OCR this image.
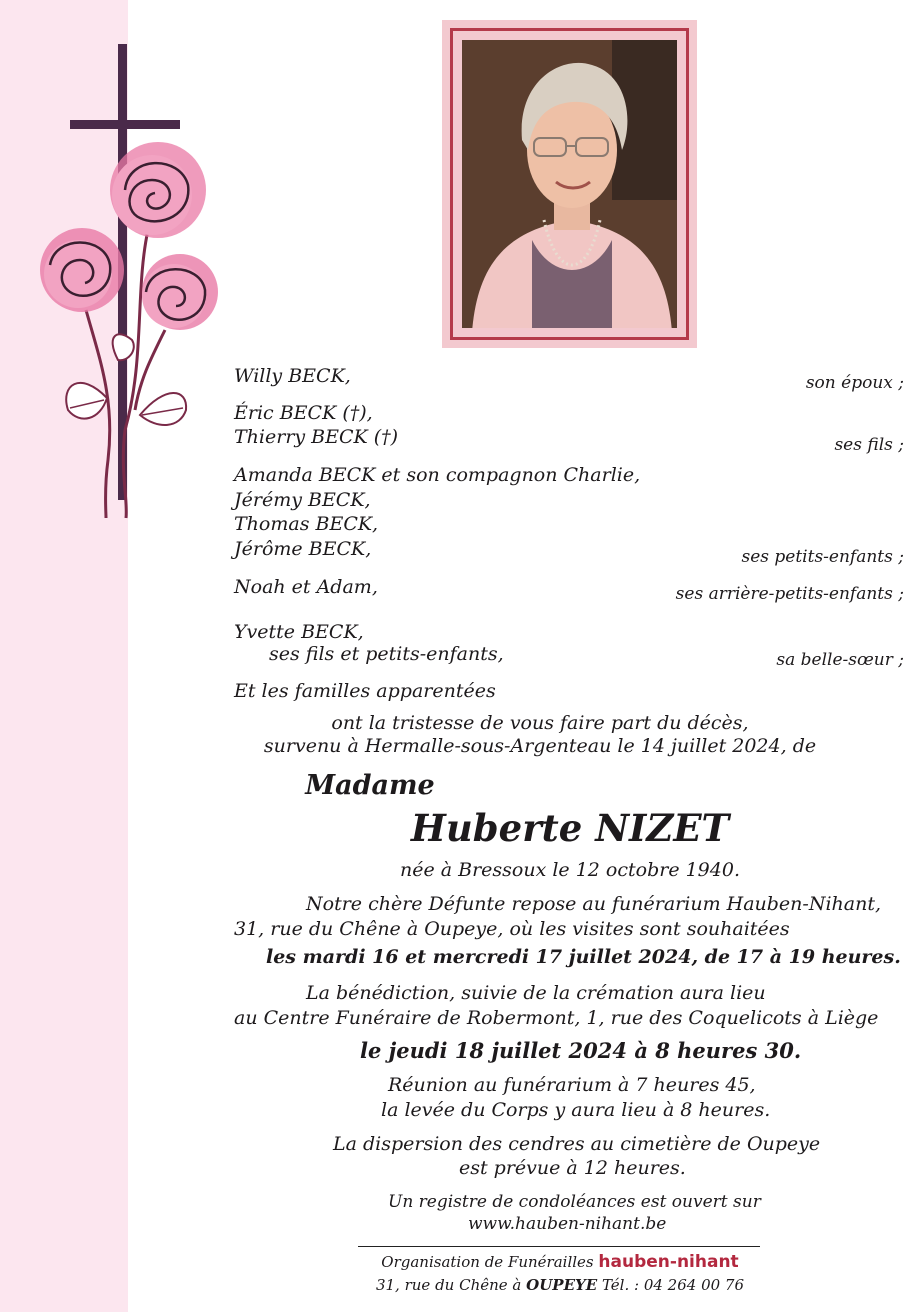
Willy BECK,	son époux ;
Éric BECK (†),
Thierry BECK (†)	ses fils ;
Amanda BECK et son compagnon Charlie,
Jérémy BECK,
Thomas BECK,
Jérôme BECK,	ses petits-enfants ;
Noah et Adam,	ses arrière-petits-enfants ;
Yvette BECK,
ses fils et petits-enfants,	sa belle-sœur ;
Et les familles apparentées
ont la tristesse de vous faire part du décès,
survenu à Hermalle-sous-Argenteau le 14 juillet 2024, de
Madame
Huberte NIZET
née à Bressoux le 12 octobre 1940.
Notre chère Défunte repose au funérarium Hauben-Nihant,
31, rue du Chêne à Oupeye, où les visites sont souhaitées
les mardi 16 et mercredi 17 juillet 2024, de 17 à 19 heures.
La bénédiction, suivie de la crémation aura lieu
au Centre Funéraire de Robermont, 1, rue des Coquelicots à Liège
le jeudi 18 juillet 2024 à 8 heures 30.
Réunion au funérarium à 7 heures 45,
la levée du Corps y aura lieu à 8 heures.
La dispersion des cendres au cimetière de Oupeye
est prévue à 12 heures.
Un registre de condoléances est ouvert sur
www.hauben-nihant.be
Organisation de Funérailles hauben-nihant
31, rue du Chêne à OUPEYE Tél. : 04 264 00 76
